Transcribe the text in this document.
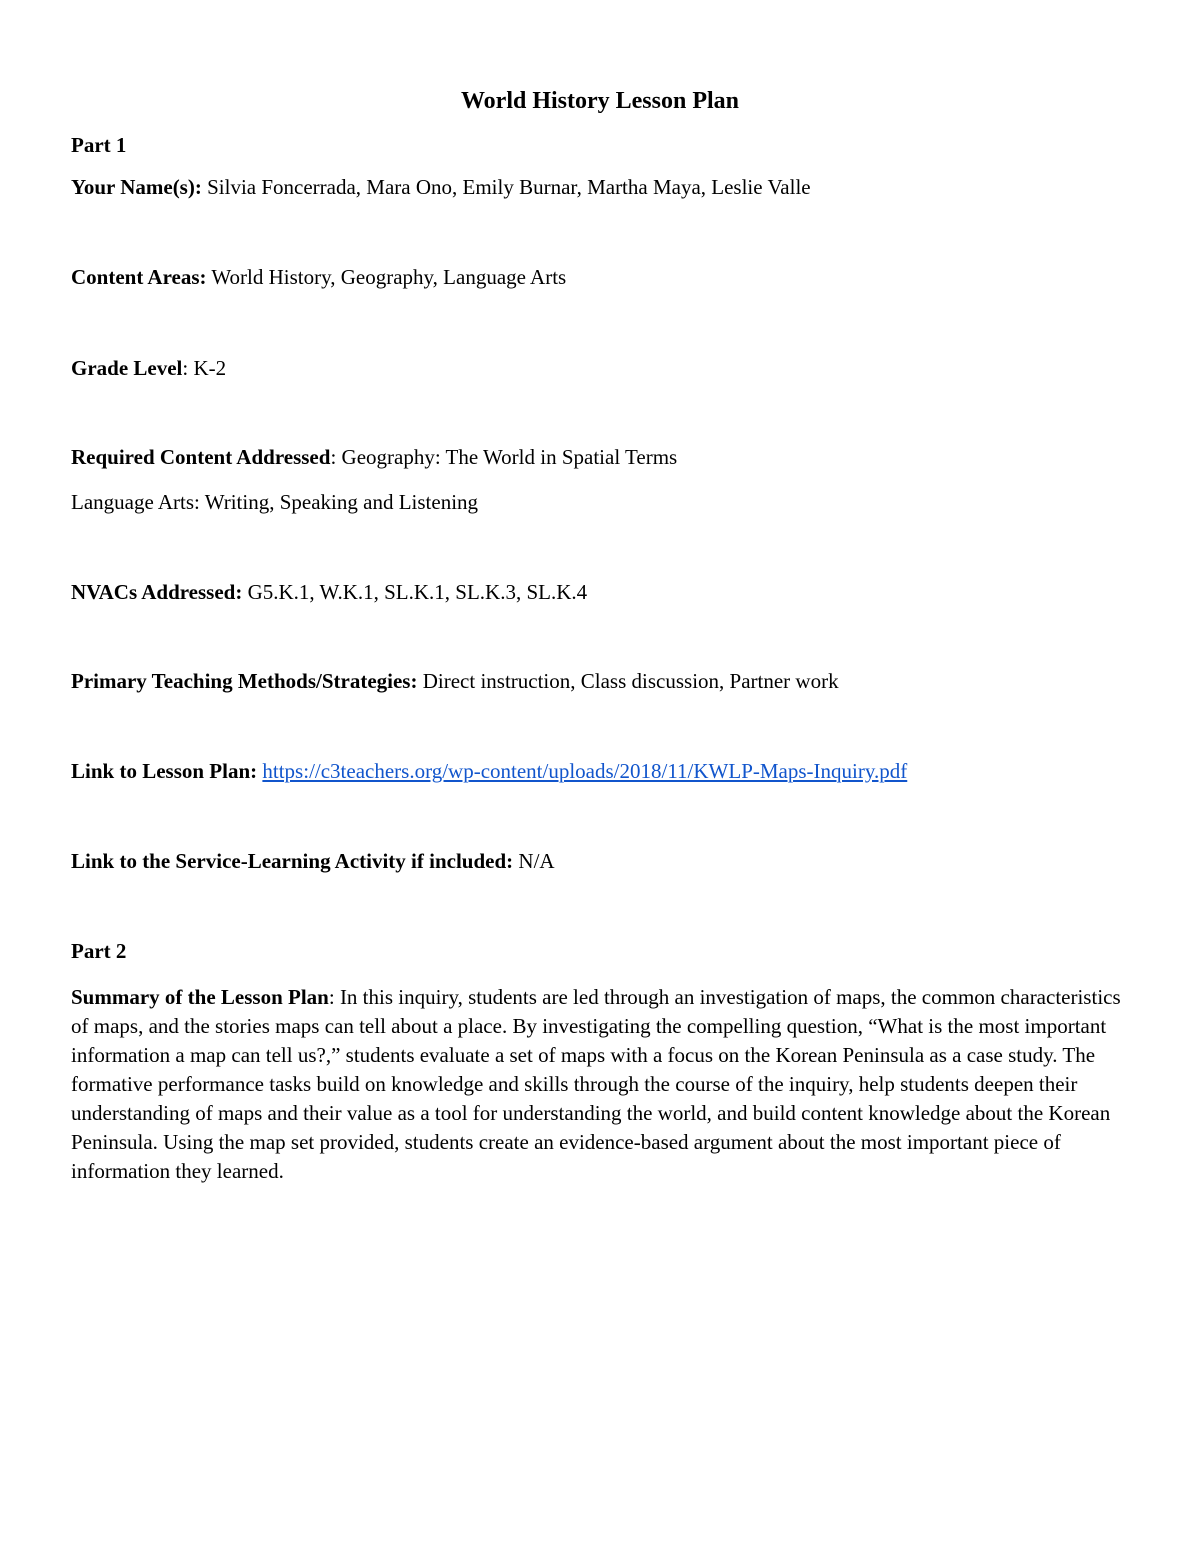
World History Lesson Plan
Part 1
Your Name(s): Silvia Foncerrada, Mara Ono, Emily Burnar, Martha Maya, Leslie Valle
Content Areas: World History, Geography, Language Arts
Grade Level: K-2
Required Content Addressed: Geography: The World in Spatial Terms
Language Arts: Writing, Speaking and Listening
NVACs Addressed: G5.K.1, W.K.1, SL.K.1, SL.K.3, SL.K.4
Primary Teaching Methods/Strategies: Direct instruction, Class discussion, Partner work
Link to Lesson Plan: https://c3teachers.org/wp-content/uploads/2018/11/KWLP-Maps-Inquiry.pdf
Link to the Service-Learning Activity if included: N/A
Part 2
Summary of the Lesson Plan: In this inquiry, students are led through an investigation of maps, the common characteristics of maps, and the stories maps can tell about a place. By investigating the compelling question, “What is the most important information a map can tell us?,” students evaluate a set of maps with a focus on the Korean Peninsula as a case study. The formative performance tasks build on knowledge and skills through the course of the inquiry, help students deepen their understanding of maps and their value as a tool for understanding the world, and build content knowledge about the Korean Peninsula. Using the map set provided, students create an evidence-based argument about the most important piece of information they learned.
